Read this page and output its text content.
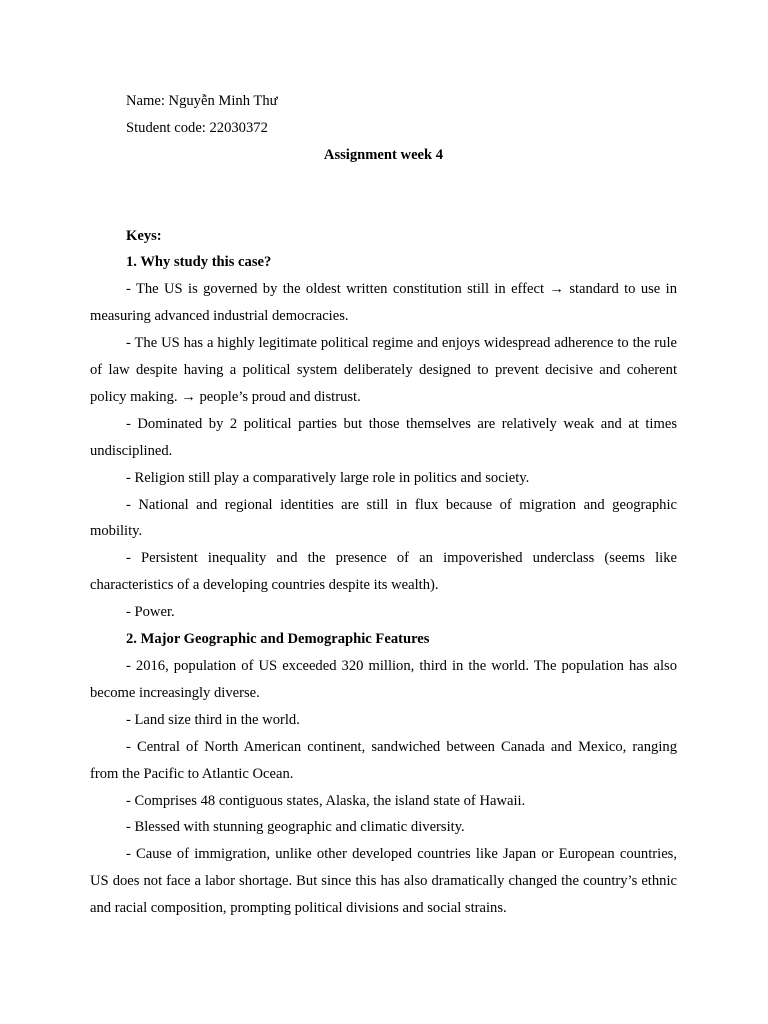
Name: Nguyễn Minh Thư

Student code: 22030372

Assignment week 4

Keys:

1. Why study this case?

- The US is governed by the oldest written constitution still in effect → standard to use in measuring advanced industrial democracies.

- The US has a highly legitimate political regime and enjoys widespread adherence to the rule of law despite having a political system deliberately designed to prevent decisive and coherent policy making. → people’s proud and distrust.

- Dominated by 2 political parties but those themselves are relatively weak and at times undisciplined.

- Religion still play a comparatively large role in politics and society.

- National and regional identities are still in flux because of migration and geographic mobility.

- Persistent inequality and the presence of an impoverished underclass (seems like characteristics of a developing countries despite its wealth).

- Power.

2. Major Geographic and Demographic Features

- 2016, population of US exceeded 320 million, third in the world. The population has also become increasingly diverse.

- Land size third in the world.

- Central of North American continent, sandwiched between Canada and Mexico, ranging from the Pacific to Atlantic Ocean.

- Comprises 48 contiguous states, Alaska, the island state of Hawaii.

- Blessed with stunning geographic and climatic diversity.

- Cause of immigration, unlike other developed countries like Japan or European countries, US does not face a labor shortage. But since this has also dramatically changed the country’s ethnic and racial composition, prompting political divisions and social strains.
